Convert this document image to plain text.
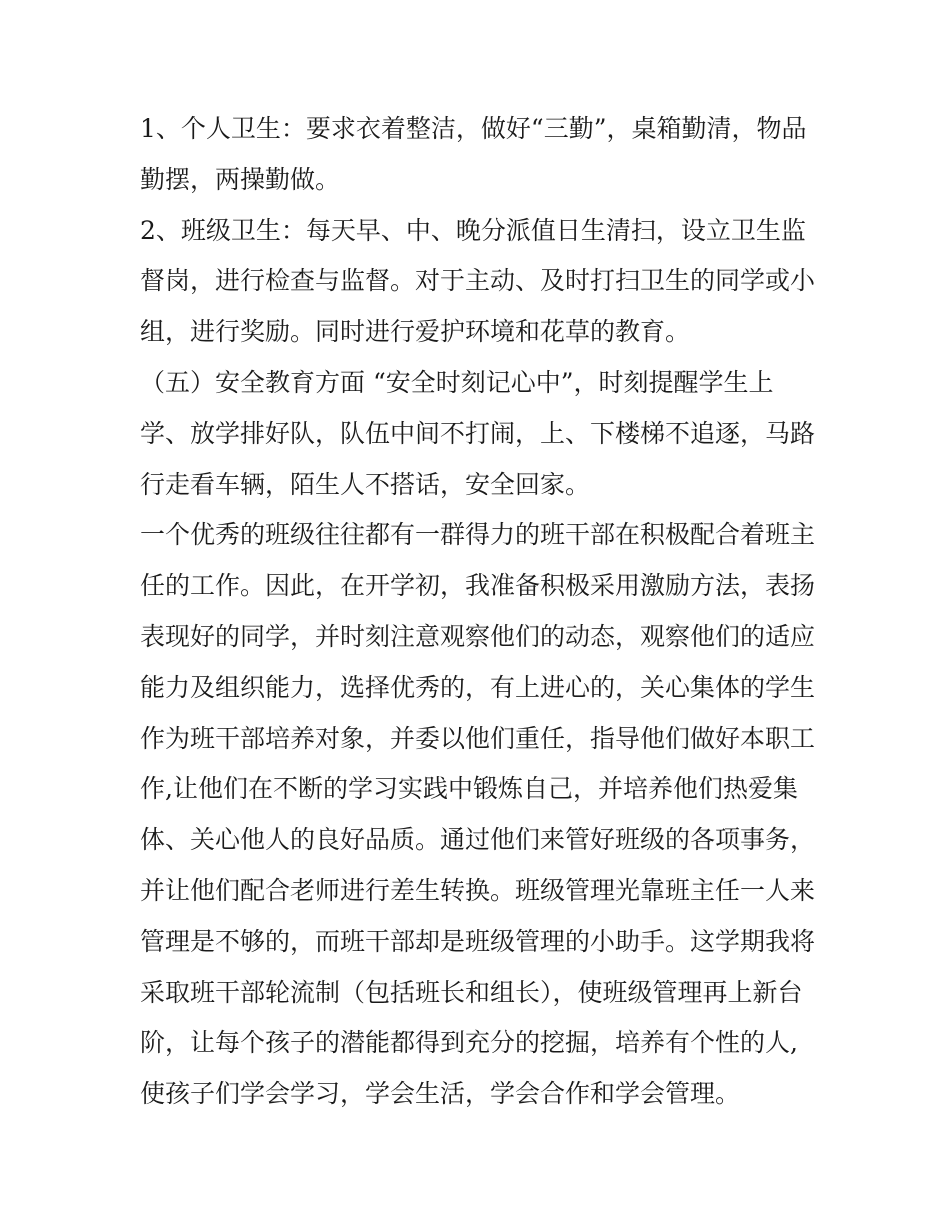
1、个人卫生：要求衣着整洁，做好“三勤”，桌箱勤清，物品
勤摆，两操勤做。
2、班级卫生：每天早、中、晚分派值日生清扫，设立卫生监
督岗，进行检查与监督。对于主动、及时打扫卫生的同学或小
组，进行奖励。同时进行爱护环境和花草的教育。
（五）安全教育方面 “安全时刻记心中”，时刻提醒学生上
学、放学排好队，队伍中间不打闹，上、下楼梯不追逐，马路
行走看车辆，陌生人不搭话，安全回家。
一个优秀的班级往往都有一群得力的班干部在积极配合着班主
任的工作。因此，在开学初，我准备积极采用激励方法，表扬
表现好的同学，并时刻注意观察他们的动态，观察他们的适应
能力及组织能力，选择优秀的，有上进心的，关心集体的学生
作为班干部培养对象，并委以他们重任，指导他们做好本职工
作,让他们在不断的学习实践中锻炼自己，并培养他们热爱集
体、关心他人的良好品质。通过他们来管好班级的各项事务，
并让他们配合老师进行差生转换。班级管理光靠班主任一人来
管理是不够的，而班干部却是班级管理的小助手。这学期我将
采取班干部轮流制（包括班长和组长），使班级管理再上新台
阶，让每个孩子的潜能都得到充分的挖掘，培养有个性的人,
使孩子们学会学习，学会生活，学会合作和学会管理。
